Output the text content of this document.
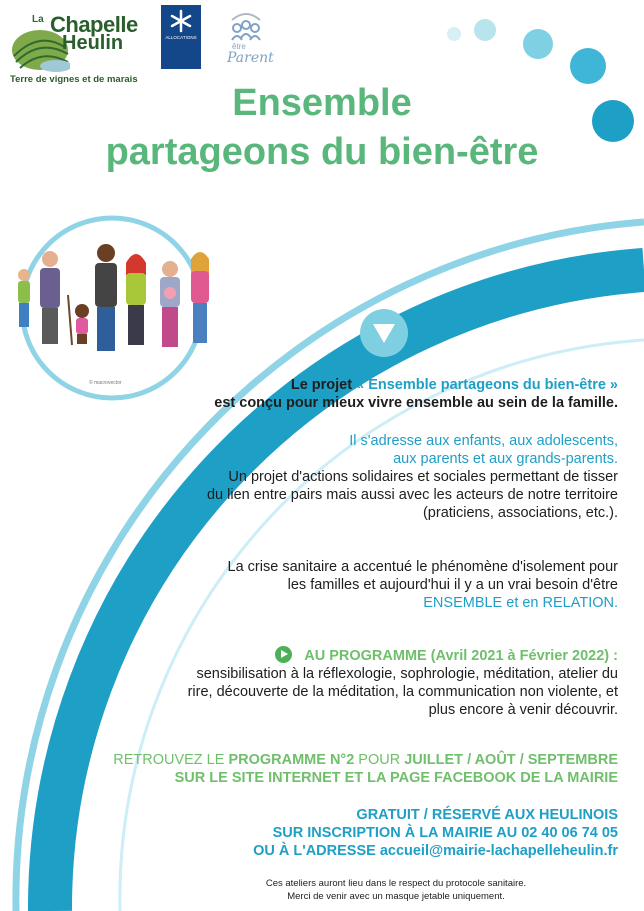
La Chapelle
Heulin
Terre de vignes et de marais
ALLOCATIONS
FAMILIALES
Caf
de Loire-
Atlantique
être
Parent
Ensemble
partageons du bien-être
© macrovector	Le projet « Ensemble partageons du bien-être »
est conçu pour mieux vivre ensemble au sein de la famille.
Il s'adresse aux enfants, aux adolescents,
aux parents et aux grands-parents.
Un projet d'actions solidaires et sociales permettant de tisser
du lien entre pairs mais aussi avec les acteurs de notre territoire
(praticiens, associations, etc.).
La crise sanitaire a accentué le phénomène d'isolement pour
les familles et aujourd'hui il y a un vrai besoin d'être
ENSEMBLE et en RELATION.
AU PROGRAMME (Avril 2021 à Février 2022) :
sensibilisation à la réflexologie, sophrologie, méditation, atelier du
rire, découverte de la méditation, la communication non violente, et
plus encore à venir découvrir.
RETROUVEZ LE PROGRAMME N°2 POUR JUILLET / AOÛT / SEPTEMBRE
SUR LE SITE INTERNET ET LA PAGE FACEBOOK DE LA MAIRIE
GRATUIT / RÉSERVÉ AUX HEULINOIS
SUR INSCRIPTION À LA MAIRIE AU 02 40 06 74 05
OU À L'ADRESSE accueil@mairie-lachapelleheulin.fr
Ces ateliers auront lieu dans le respect du protocole sanitaire.
Merci de venir avec un masque jetable uniquement.
